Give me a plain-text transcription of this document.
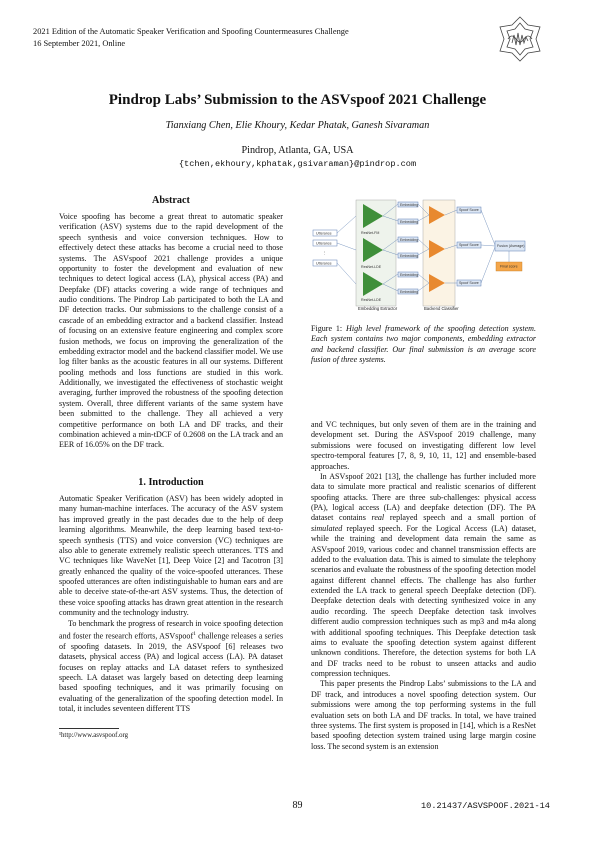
2021 Edition of the Automatic Speaker Verification and Spoofing Countermeasures Challenge
16 September 2021, Online
Pindrop Labs’ Submission to the ASVspoof 2021 Challenge
Tianxiang Chen, Elie Khoury, Kedar Phatak, Ganesh Sivaraman
Pindrop, Atlanta, GA, USA
{tchen,ekhoury,kphatak,gsivaraman}@pindrop.com
Abstract

Voice spoofing has become a great threat to automatic speaker verification (ASV) systems due to the rapid development of the speech synthesis and voice conversion techniques. How to effectively detect these attacks has become a crucial need to those systems. The ASVspoof 2021 challenge provides a unique opportunity to foster the development and evaluation of new techniques to detect logical access (LA), physical access (PA) and Deepfake (DF) attacks covering a wide range of techniques and audio conditions. The Pindrop Lab participated to both the LA and DF detection tracks. Our submissions to the challenge consist of a cascade of an embedding extractor and a backend classifier. Instead of focusing on an extensive feature engineering and complex score fusion methods, we focus on improving the generalization of the embedding extractor model and the backend classifier model. We use log filter banks as the acoustic features in all our systems. Different pooling methods and loss functions are studied in this work. Additionally, we investigated the effectiveness of stochastic weight averaging, further improved the robustness of the spoofing detection system. Overall, three different variants of the same system have been submitted to the challenge. They all achieved a very competitive performance on both LA and DF tracks, and their combination achieved a min-tDCF of 0.2608 on the LA track and an EER of 16.05% on the DF track.

1. Introduction

Automatic Speaker Verification (ASV) has been widely adopted in many human-machine interfaces. The accuracy of the ASV system has improved greatly in the past decades due to the help of deep learning algorithms. Meanwhile, the deep learning based text-to-speech synthesis (TTS) and voice conversion (VC) techniques are also able to generate extremely realistic speech utterances. TTS and VC techniques like WaveNet [1], Deep Voice [2] and Tacotron [3] greatly enhanced the quality of the voice-spoofed utterances. These spoofed utterances are often indistinguishable to human ears and are able to deceive state-of-the-art ASV systems. Thus, the detection of these voice spoofing attacks has drawn great attention in the research community and the technology industry.

To benchmark the progress of research in voice spoofing detection and foster the research efforts, ASVspoof$^1$ challenge releases a series of spoofing datasets. In 2019, the ASVspoof [6] releases two datasets, physical access (PA) and logical access (LA). PA dataset focuses on replay attacks and LA dataset refers to synthesized speech. LA dataset was largely based on detecting deep learning based spoofing techniques, and it was primarily focusing on evaluating of the generalization of the spoofing detection model. In total, it includes seventeen different TTS

¹http://www.asvspoof.org
Utterance
Utterance
⋮
Utterance
ResNet-FM
Embedding
Embedding
Spoof Score
ResNet-LDE
Embedding
Embedding
Spoof Score
ResNet-LDE
Embedding
Embedding
Spoof Score
Fusion (Average)
Final score
Embedding Extractor	Backend Classifier
Figure 1: High level framework of the spoofing detection system. Each system contains two major components, embedding extractor and backend classifier. Our final submission is an average score fusion of three systems.

and VC techniques, but only seven of them are in the training and development set. During the ASVspoof 2019 challenge, many submissions were focused on investigating different low level spectro-temporal features [7, 8, 9, 10, 11, 12] and ensemble-based approaches.

In ASVspoof 2021 [13], the challenge has further included more data to simulate more practical and realistic scenarios of different spoofing attacks. There are three sub-challenges: physical access (PA), logical access (LA) and deepfake detection (DF). The PA dataset contains real replayed speech and a small portion of simulated replayed speech. For the Logical Access (LA) dataset, while the training and development data remain the same as ASVspoof 2019, various codec and channel transmission effects are added to the evaluation data. This is aimed to simulate the telephony scenarios and evaluate the robustness of the spoofing detection model against different channel effects. The challenge has also further extended the LA track to general speech Deepfake detection (DF). Deepfake detection deals with detecting synthesized voice in any audio recording. The speech Deepfake detection task involves different audio compression techniques such as mp3 and m4a along with additional spoofing techniques. This Deepfake detection task aims to evaluate the spoofing detection system against different unknown conditions. Therefore, the detection systems for both LA and DF tracks need to be robust to unseen attacks and audio compression techniques.

This paper presents the Pindrop Labs’ submissions to the LA and DF track, and introduces a novel spoofing detection system. Our submissions were among the top performing systems in the full evaluation sets on both LA and DF tracks. In total, we have trained three systems. The first system is proposed in [14], which is a ResNet based spoofing detection system trained using large margin cosine loss. The second system is an extension

89	10.21437/ASVSPOOF.2021-14
